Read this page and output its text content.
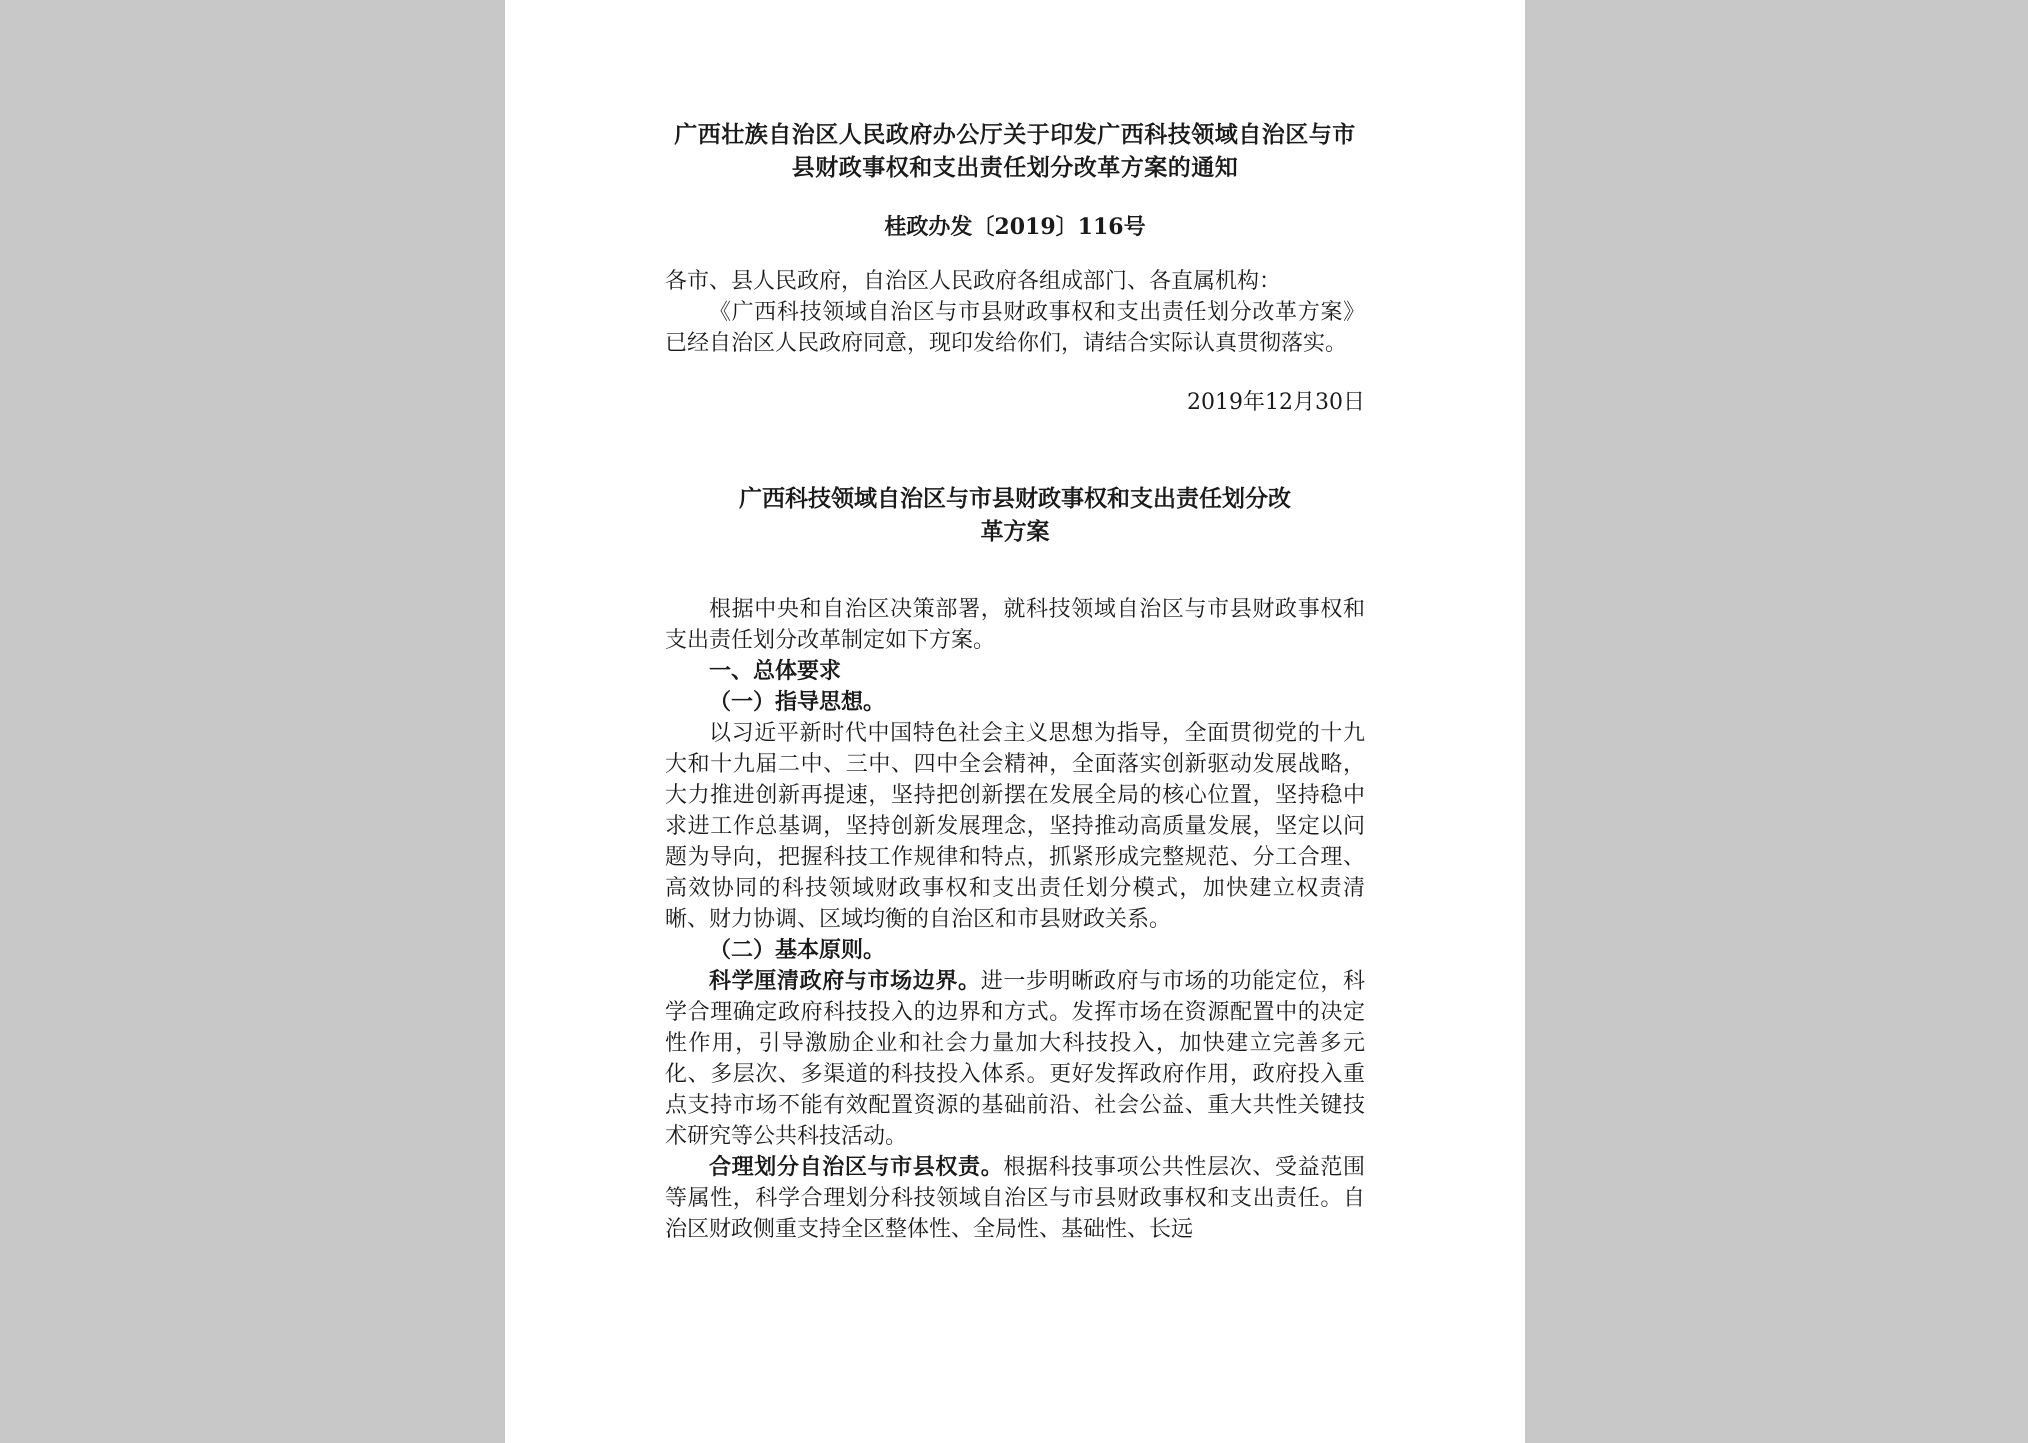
广西壮族自治区人民政府办公厅关于印发广西科技领域自治区与市县财政事权和支出责任划分改革方案的通知
桂政办发〔2019〕116号

各市、县人民政府，自治区人民政府各组成部门、各直属机构：

《广西科技领域自治区与市县财政事权和支出责任划分改革方案》已经自治区人民政府同意，现印发给你们，请结合实际认真贯彻落实。

2019年12月30日
广西科技领域自治区与市县财政事权和支出责任划分改革方案

根据中央和自治区决策部署，就科技领域自治区与市县财政事权和支出责任划分改革制定如下方案。

一、总体要求

（一）指导思想。

以习近平新时代中国特色社会主义思想为指导，全面贯彻党的十九大和十九届二中、三中、四中全会精神，全面落实创新驱动发展战略，大力推进创新再提速，坚持把创新摆在发展全局的核心位置，坚持稳中求进工作总基调，坚持创新发展理念，坚持推动高质量发展，坚定以问题为导向，把握科技工作规律和特点，抓紧形成完整规范、分工合理、高效协同的科技领域财政事权和支出责任划分模式，加快建立权责清晰、财力协调、区域均衡的自治区和市县财政关系。

（二）基本原则。

科学厘清政府与市场边界。进一步明晰政府与市场的功能定位，科学合理确定政府科技投入的边界和方式。发挥市场在资源配置中的决定性作用，引导激励企业和社会力量加大科技投入，加快建立完善多元化、多层次、多渠道的科技投入体系。更好发挥政府作用，政府投入重点支持市场不能有效配置资源的基础前沿、社会公益、重大共性关键技术研究等公共科技活动。

合理划分自治区与市县权责。根据科技事项公共性层次、受益范围等属性，科学合理划分科技领域自治区与市县财政事权和支出责任。自治区财政侧重支持全区整体性、全局性、基础性、长远
